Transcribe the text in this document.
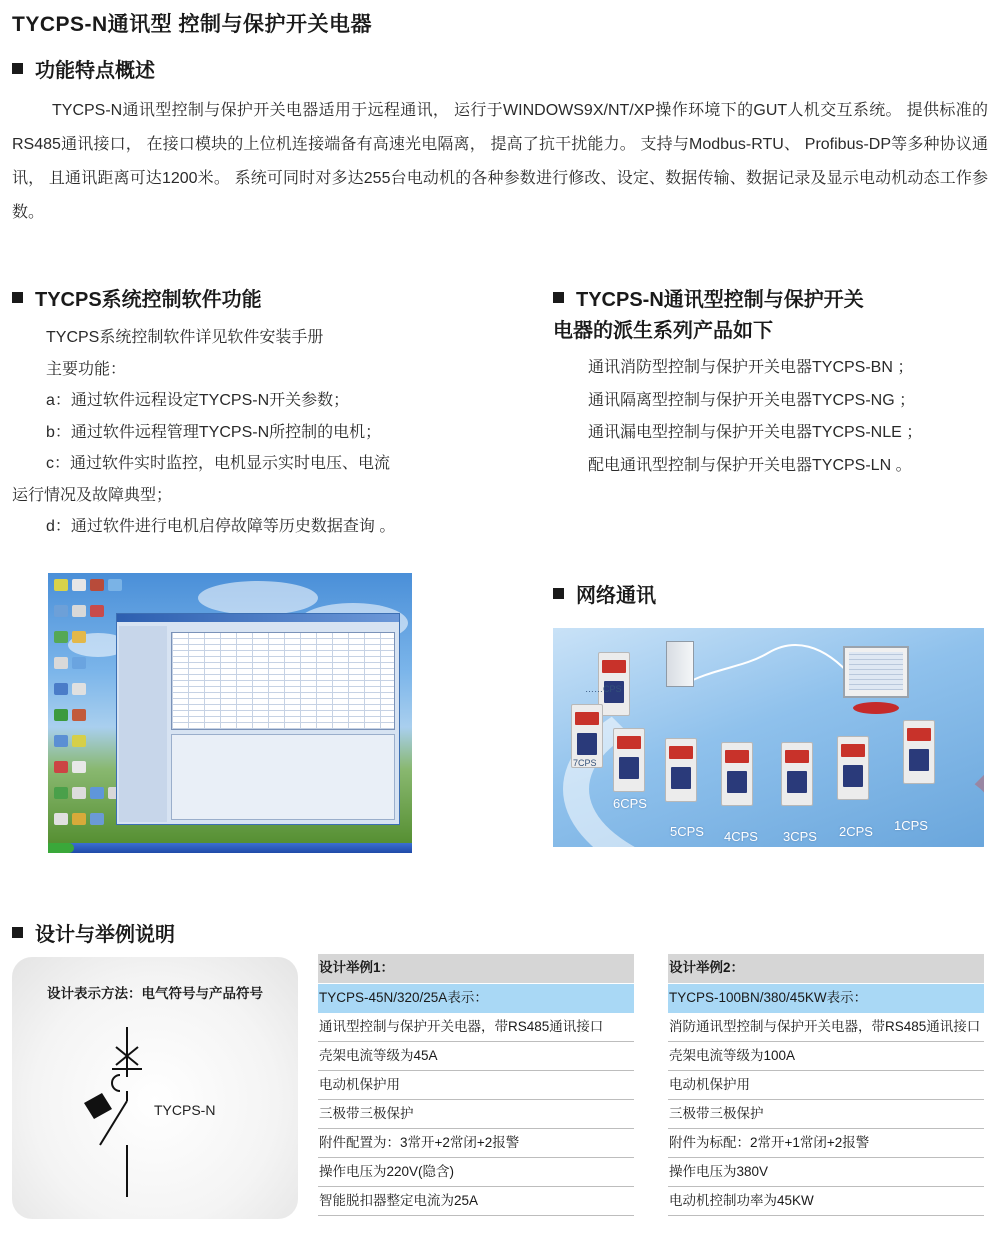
TYCPS-N通讯型 控制与保护开关电器
功能特点概述

TYCPS-N通讯型控制与保护开关电器适用于远程通讯， 运行于WINDOWS9X/NT/XP操作环境下的GUT人机交互系统。 提供标准的RS485通讯接口， 在接口模块的上位机连接端备有高速光电隔离， 提高了抗干扰能力。 支持与Modbus-RTU、 Profibus-DP等多种协议通讯， 且通讯距离可达1200米。 系统可同时对多达255台电动机的各种参数进行修改、设定、数据传输、数据记录及显示电动机动态工作参数。

TYCPS系统控制软件功能
TYCPS系统控制软件详见软件安装手册
主要功能：
a：通过软件远程设定TYCPS-N开关参数；
b：通过软件远程管理TYCPS-N所控制的电机；
c：通过软件实时监控，电机显示实时电压、电流
运行情况及故障典型；
d：通过软件进行电机启停故障等历史数据查询 。
TYCPS-N通讯型控制与保护开关
电器的派生系列产品如下
通讯消防型控制与保护开关电器TYCPS-BN ；
通讯隔离型控制与保护开关电器TYCPS-NG ；
通讯漏电型控制与保护开关电器TYCPS-NLE ；
配电通讯型控制与保护开关电器TYCPS-LN 。
网络通讯
……CPS
7CPS
6CPS
5CPS 4CPS 3CPS 2CPS 1CPS
设计与举例说明
设计表示方法：电气符号与产品符号
TYCPS-N
设计举例1：
TYCPS-45N/320/25A表示：
通讯型控制与保护开关电器，带RS485通讯接口
壳架电流等级为45A
电动机保护用
三极带三极保护
附件配置为：3常开+2常闭+2报警
操作电压为220V(隐含)
智能脱扣器整定电流为25A
设计举例2：
TYCPS-100BN/380/45KW表示：
消防通讯型控制与保护开关电器，带RS485通讯接口
壳架电流等级为100A
电动机保护用
三极带三极保护
附件为标配：2常开+1常闭+2报警
操作电压为380V
电动机控制功率为45KW
